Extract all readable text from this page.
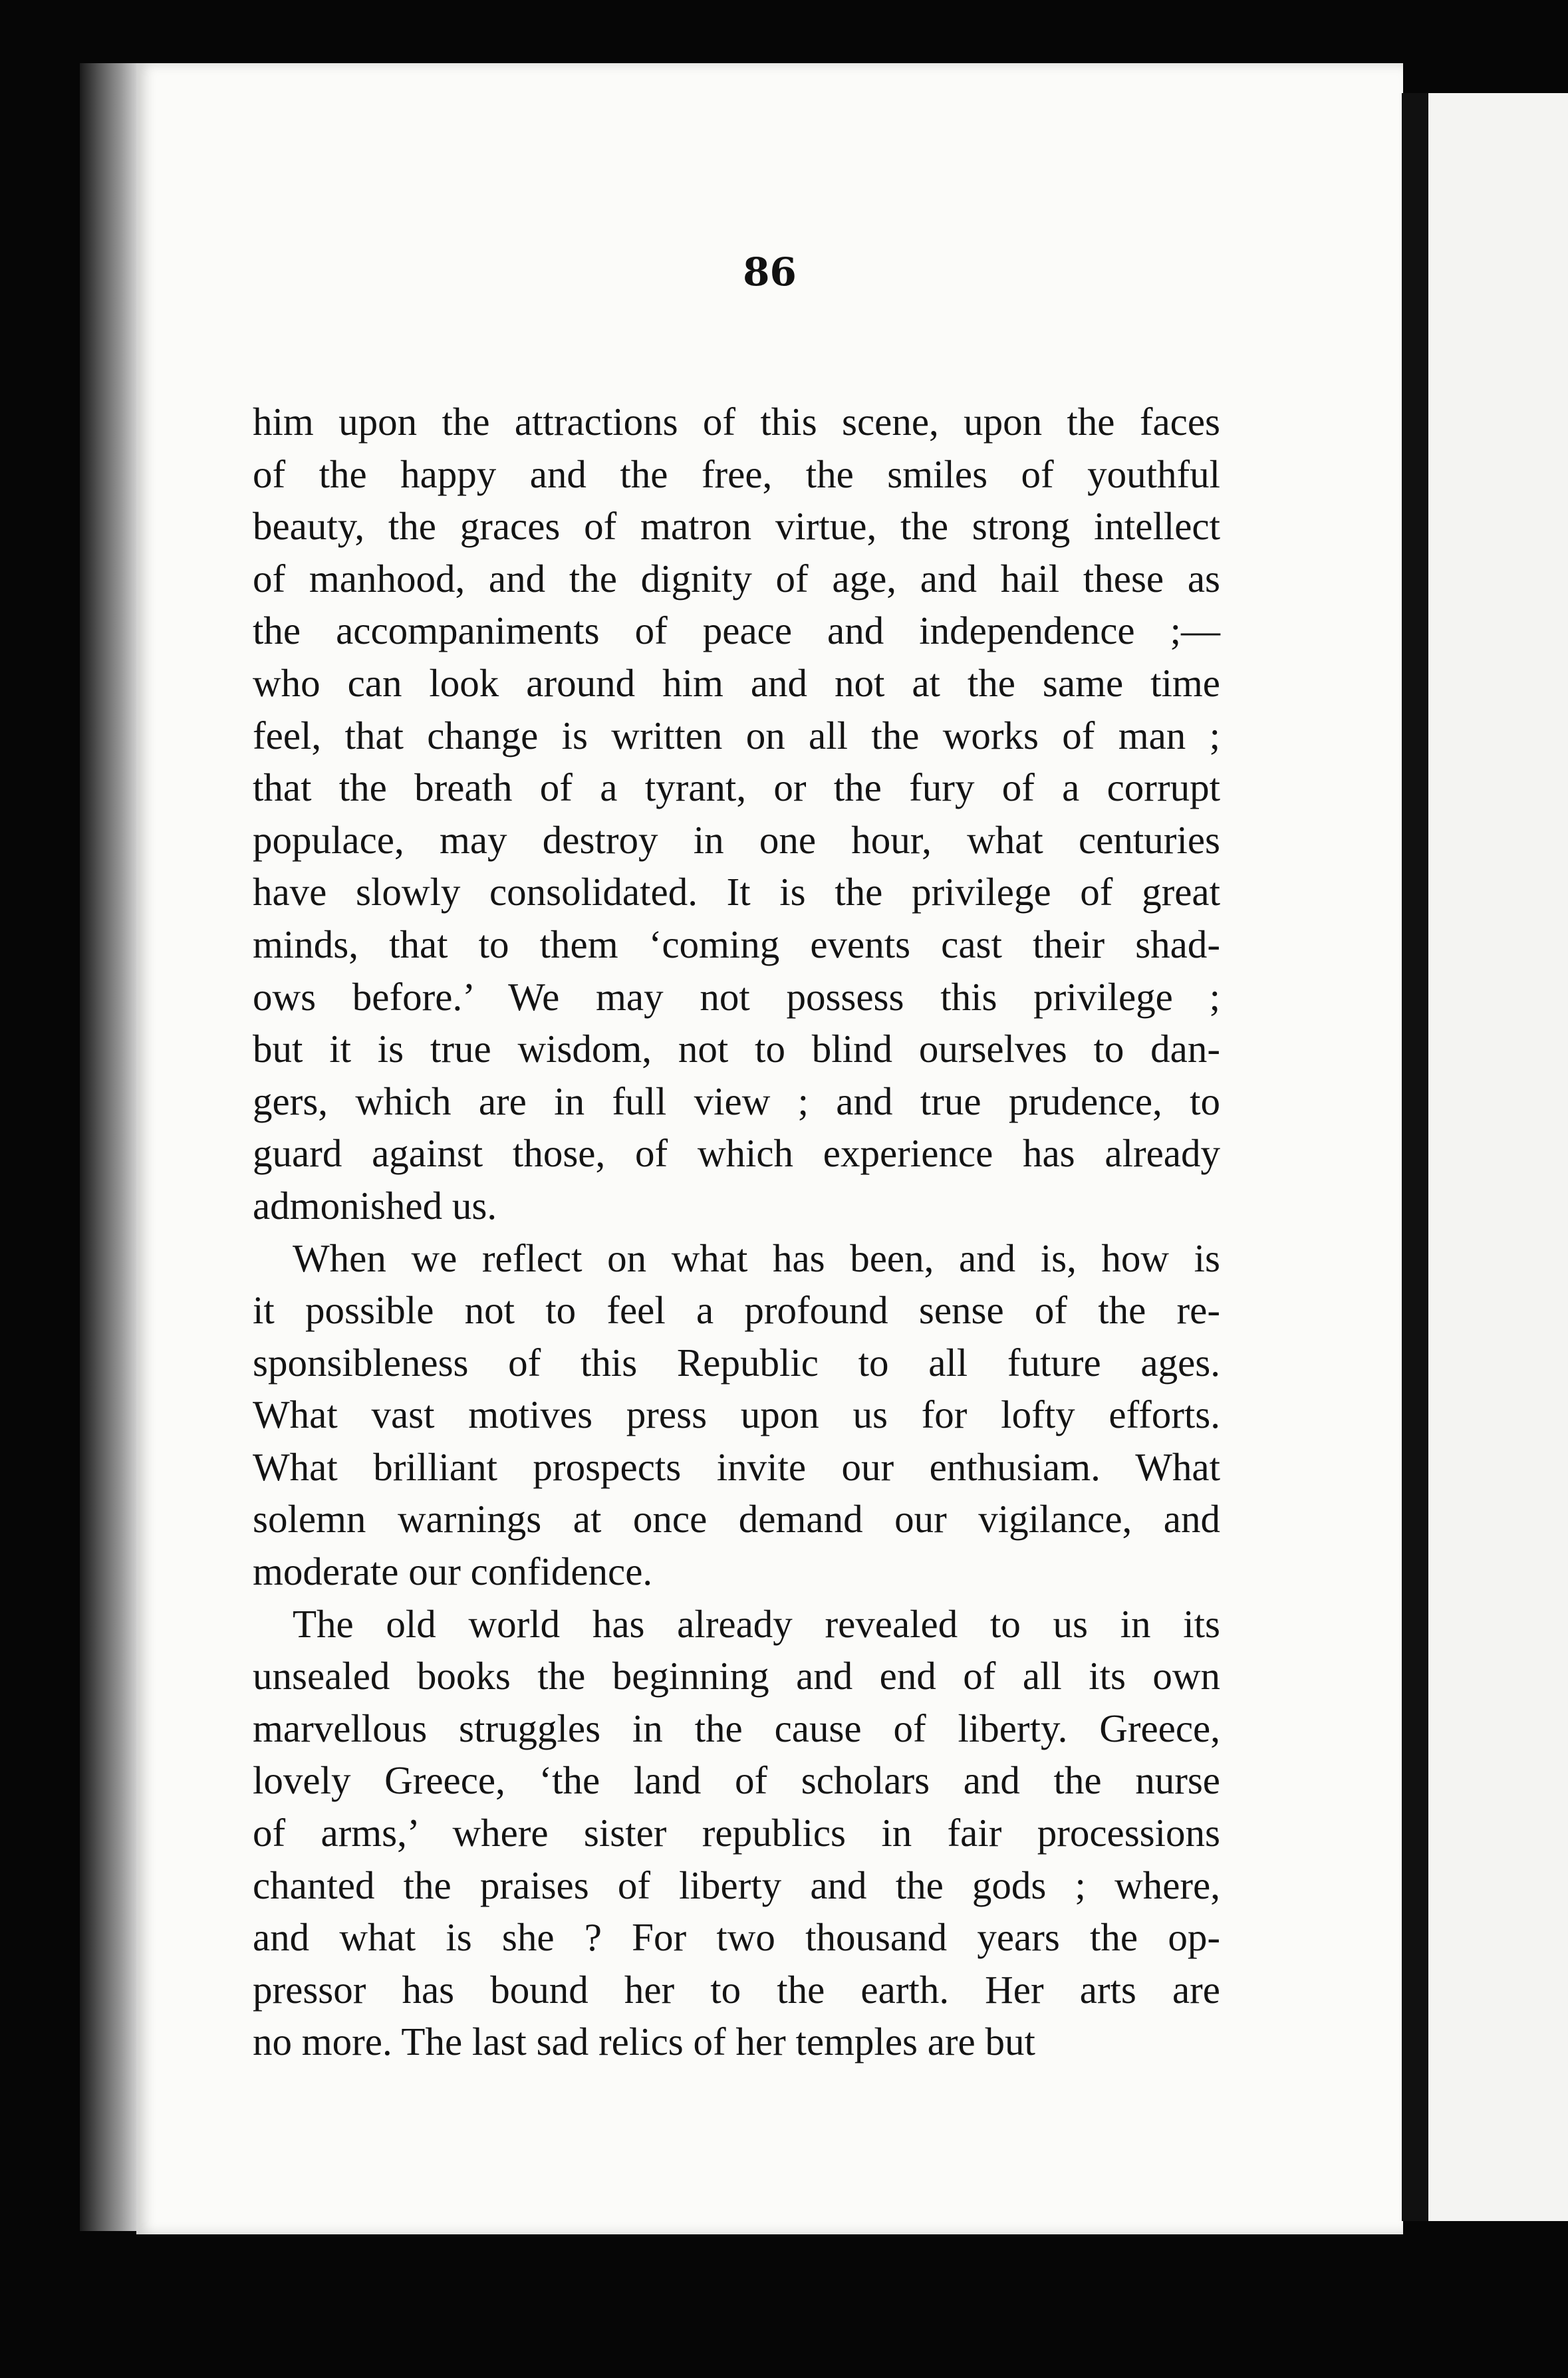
86

him upon the attractions of this scene, upon the faces
of the happy and the free, the smiles of youthful
beauty, the graces of matron virtue, the strong intellect
of manhood, and the dignity of age, and hail these as
the accompaniments of peace and independence ;—
who can look around him and not at the same time
feel, that change is written on all the works of man ;
that the breath of a tyrant, or the fury of a corrupt
populace, may destroy in one hour, what centuries
have slowly consolidated. It is the privilege of great
minds, that to them ‘coming events cast their shad-
ows before.’ We may not possess this privilege ;
but it is true wisdom, not to blind ourselves to dan-
gers, which are in full view ; and true prudence, to
guard against those, of which experience has already
admonished us.

When we reflect on what has been, and is, how is
it possible not to feel a profound sense of the re-
sponsibleness of this Republic to all future ages.
What vast motives press upon us for lofty efforts.
What brilliant prospects invite our enthusiam. What
solemn warnings at once demand our vigilance, and
moderate our confidence.

The old world has already revealed to us in its
unsealed books the beginning and end of all its own
marvellous struggles in the cause of liberty. Greece,
lovely Greece, ‘the land of scholars and the nurse
of arms,’ where sister republics in fair processions
chanted the praises of liberty and the gods ; where,
and what is she ? For two thousand years the op-
pressor has bound her to the earth. Her arts are
no more. The last sad relics of her temples are but
